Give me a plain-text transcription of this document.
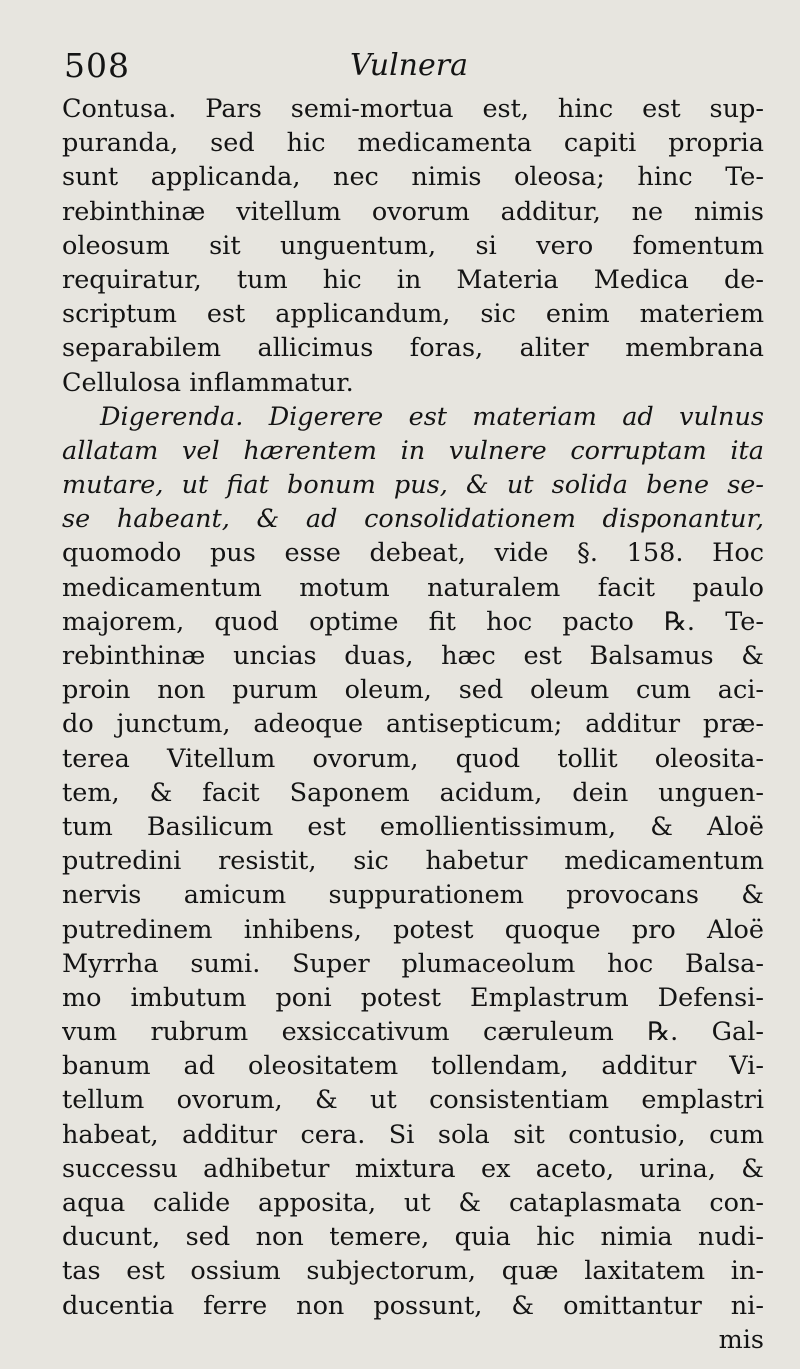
508	Vulnera
Contusa. Pars semi-mortua est, hinc est sup-
puranda, sed hic medicamenta capiti propria
sunt applicanda, nec nimis oleosa; hinc Te-
rebinthinæ vitellum ovorum additur, ne nimis
oleosum sit unguentum, si vero fomentum
requiratur, tum hic in Materia Medica de-
scriptum est applicandum, sic enim materiem
separabilem allicimus foras, aliter membrana
Cellulosa inflammatur.
Digerenda. Digerere est materiam ad vulnus
allatam vel hærentem in vulnere corruptam ita
mutare, ut fiat bonum pus, & ut solida bene se-
se habeant, & ad consolidationem disponantur,
quomodo pus esse debeat, vide §. 158. Hoc
medicamentum motum naturalem facit paulo
majorem, quod optime fit hoc pacto ℞. Te-
rebinthinæ uncias duas, hæc est Balsamus &
proin non purum oleum, sed oleum cum aci-
do junctum, adeoque antisepticum; additur præ-
terea Vitellum ovorum, quod tollit oleosita-
tem, & facit Saponem acidum, dein unguen-
tum Basilicum est emollientissimum, & Aloë
putredini resistit, sic habetur medicamentum
nervis amicum suppurationem provocans &
putredinem inhibens, potest quoque pro Aloë
Myrrha sumi. Super plumaceolum hoc Balsa-
mo imbutum poni potest Emplastrum Defensi-
vum rubrum exsiccativum cæruleum ℞. Gal-
banum ad oleositatem tollendam, additur Vi-
tellum ovorum, & ut consistentiam emplastri
habeat, additur cera. Si sola sit contusio, cum
successu adhibetur mixtura ex aceto, urina, &
aqua calide apposita, ut & cataplasmata con-
ducunt, sed non temere, quia hic nimia nudi-
tas est ossium subjectorum, quæ laxitatem in-
ducentia ferre non possunt, & omittantur ni-
mis
